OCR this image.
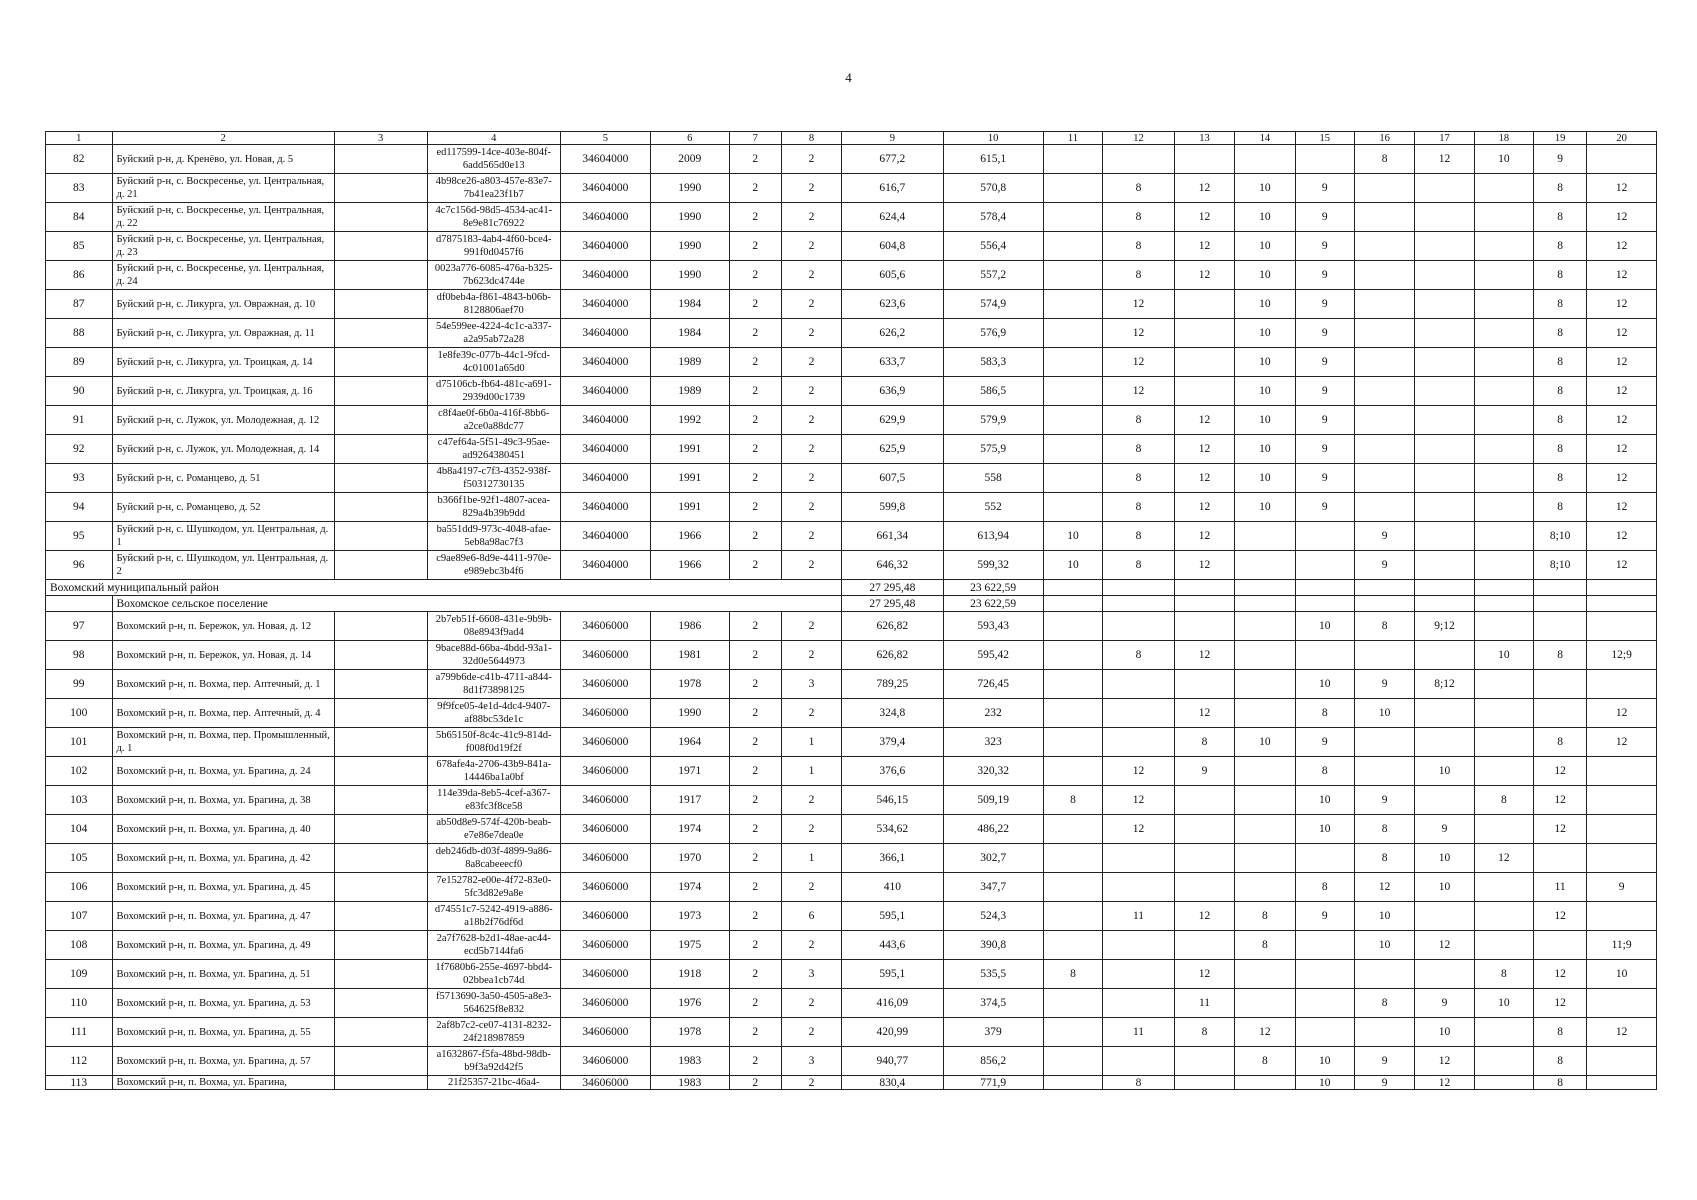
4
1	2	3	4	5	6	7	8	9	10	11	12	13	14	15	16	17	18	19	20
82	Буйский р-н, д. Кренёво, ул. Новая, д. 5		ed117599-14ce-403e-804f-6add565d0e13	34604000	2009	2	2	677,2	615,1						8	12	10	9	
83	Буйский р-н, с. Воскресенье, ул. Центральная, д. 21		4b98ce26-a803-457e-83e7-7b41ea23f1b7	34604000	1990	2	2	616,7	570,8		8	12	10	9				8	12
84	Буйский р-н, с. Воскресенье, ул. Центральная, д. 22		4c7c156d-98d5-4534-ac41-8e9e81c76922	34604000	1990	2	2	624,4	578,4		8	12	10	9				8	12
85	Буйский р-н, с. Воскресенье, ул. Центральная, д. 23		d7875183-4ab4-4f60-bce4-991f0d0457f6	34604000	1990	2	2	604,8	556,4		8	12	10	9				8	12
86	Буйский р-н, с. Воскресенье, ул. Центральная, д. 24		0023a776-6085-476a-b325-7b623dc4744e	34604000	1990	2	2	605,6	557,2		8	12	10	9				8	12
87	Буйский р-н, с. Ликурга, ул. Овражная, д. 10		df0beb4a-f861-4843-b06b-8128806aef70	34604000	1984	2	2	623,6	574,9		12		10	9				8	12
88	Буйский р-н, с. Ликурга, ул. Овражная, д. 11		54e599ee-4224-4c1c-a337-a2a95ab72a28	34604000	1984	2	2	626,2	576,9		12		10	9				8	12
89	Буйский р-н, с. Ликурга, ул. Троицкая, д. 14		1e8fe39c-077b-44c1-9fcd-4c01001a65d0	34604000	1989	2	2	633,7	583,3		12		10	9				8	12
90	Буйский р-н, с. Ликурга, ул. Троицкая, д. 16		d75106cb-fb64-481c-a691-2939d00c1739	34604000	1989	2	2	636,9	586,5		12		10	9				8	12
91	Буйский р-н, с. Лужок, ул. Молодежная, д. 12		c8f4ae0f-6b0a-416f-8bb6-a2ce0a88dc77	34604000	1992	2	2	629,9	579,9		8	12	10	9				8	12
92	Буйский р-н, с. Лужок, ул. Молодежная, д. 14		c47ef64a-5f51-49c3-95ae-ad9264380451	34604000	1991	2	2	625,9	575,9		8	12	10	9				8	12
93	Буйский р-н, с. Романцево, д. 51		4b8a4197-c7f3-4352-938f-f50312730135	34604000	1991	2	2	607,5	558		8	12	10	9				8	12
94	Буйский р-н, с. Романцево, д. 52		b366f1be-92f1-4807-acea-829a4b39b9dd	34604000	1991	2	2	599,8	552		8	12	10	9				8	12
95	Буйский р-н, с. Шушкодом, ул. Центральная, д. 1		ba551dd9-973c-4048-afae-5eb8a98ac7f3	34604000	1966	2	2	661,34	613,94	10	8	12			9			8;10	12
96	Буйский р-н, с. Шушкодом, ул. Центральная, д. 2		c9ae89e6-8d9e-4411-970e-e989ebc3b4f6	34604000	1966	2	2	646,32	599,32	10	8	12			9			8;10	12
Вохомский муниципальный район								27 295,48	23 622,59										
	Вохомское сельское поселение							27 295,48	23 622,59										
97	Вохомский р-н, п. Бережок, ул. Новая, д. 12		2b7eb51f-6608-431e-9b9b-08e8943f9ad4	34606000	1986	2	2	626,82	593,43					10	8	9;12			
98	Вохомский р-н, п. Бережок, ул. Новая, д. 14		9bace88d-66ba-4bdd-93a1-32d0e5644973	34606000	1981	2	2	626,82	595,42		8	12					10	8	12;9
99	Вохомский р-н, п. Вохма, пер. Аптечный, д. 1		a799b6de-c41b-4711-a844-8d1f73898125	34606000	1978	2	3	789,25	726,45					10	9	8;12			
100	Вохомский р-н, п. Вохма, пер. Аптечный, д. 4		9f9fce05-4e1d-4dc4-9407-af88bc53de1c	34606000	1990	2	2	324,8	232			12		8	10				12
101	Вохомский р-н, п. Вохма, пер. Промышленный, д. 1		5b65150f-8c4c-41c9-814d-f008f0d19f2f	34606000	1964	2	1	379,4	323			8	10	9				8	12
102	Вохомский р-н, п. Вохма, ул. Брагина, д. 24		678afe4a-2706-43b9-841a-14446ba1a0bf	34606000	1971	2	1	376,6	320,32		12	9		8		10		12	
103	Вохомский р-н, п. Вохма, ул. Брагина, д. 38		114e39da-8eb5-4cef-a367-e83fc3f8ce58	34606000	1917	2	2	546,15	509,19	8	12			10	9		8	12	
104	Вохомский р-н, п. Вохма, ул. Брагина, д. 40		ab50d8e9-574f-420b-beab-e7e86e7dea0e	34606000	1974	2	2	534,62	486,22		12			10	8	9		12	
105	Вохомский р-н, п. Вохма, ул. Брагина, д. 42		deb246db-d03f-4899-9a86-8a8cabeeecf0	34606000	1970	2	1	366,1	302,7						8	10	12		
106	Вохомский р-н, п. Вохма, ул. Брагина, д. 45		7e152782-e00e-4f72-83e0-5fc3d82e9a8e	34606000	1974	2	2	410	347,7					8	12	10		11	9
107	Вохомский р-н, п. Вохма, ул. Брагина, д. 47		d74551c7-5242-4919-a886-a18b2f76df6d	34606000	1973	2	6	595,1	524,3		11	12	8	9	10			12	
108	Вохомский р-н, п. Вохма, ул. Брагина, д. 49		2a7f7628-b2d1-48ae-ac44-ecd5b7144fa6	34606000	1975	2	2	443,6	390,8				8		10	12			11;9
109	Вохомский р-н, п. Вохма, ул. Брагина, д. 51		1f7680b6-255e-4697-bbd4-02bbea1cb74d	34606000	1918	2	3	595,1	535,5	8		12					8	12	10
110	Вохомский р-н, п. Вохма, ул. Брагина, д. 53		f5713690-3a50-4505-a8e3-564625f8e832	34606000	1976	2	2	416,09	374,5			11			8	9	10	12	
111	Вохомский р-н, п. Вохма, ул. Брагина, д. 55		2af8b7c2-ce07-4131-8232-24f218987859	34606000	1978	2	2	420,99	379		11	8	12			10		8	12
112	Вохомский р-н, п. Вохма, ул. Брагина, д. 57		a1632867-f5fa-48bd-98db-b9f3a92d42f5	34606000	1983	2	3	940,77	856,2				8	10	9	12		8	
113	Вохомский р-н, п. Вохма, ул. Брагина,		21f25357-21bc-46a4-	34606000	1983	2	2	830,4	771,9		8			10	9	12		8	
